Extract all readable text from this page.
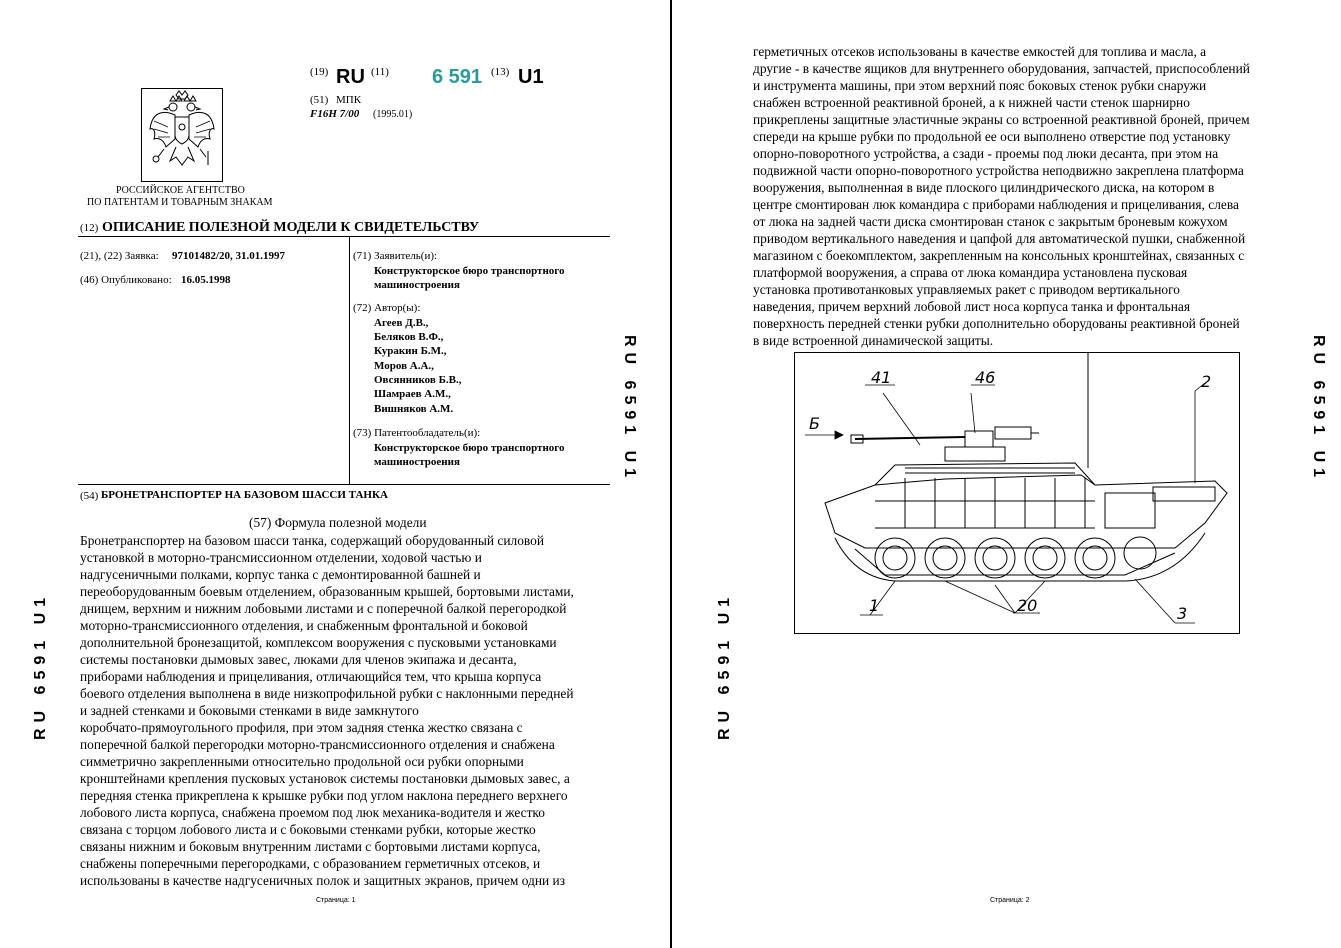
(19) RU (11) 6 591 (13) U1
(51) МПК
F16H 7/00 (1995.01)
РОССИЙСКОЕ АГЕНТСТВО
ПО ПАТЕНТАМ И ТОВАРНЫМ ЗНАКАМ
(12) ОПИСАНИЕ ПОЛЕЗНОЙ МОДЕЛИ К СВИДЕТЕЛЬСТВУ
(21), (22) Заявка: 97101482/20, 31.01.1997
(46) Опубликовано: 16.05.1998
(71) Заявитель(и):
Конструкторское бюро транспортного
машиностроения
(72) Автор(ы):
Агеев Д.В.,
Беляков В.Ф.,
Куракин Б.М.,
Моров А.А.,
Овсянников Б.В.,
Шамраев А.М.,
Вишняков А.М.
(73) Патентообладатель(и):
Конструкторское бюро транспортного
машиностроения
(54) БРОНЕТРАНСПОРТЕР НА БАЗОВОМ ШАССИ ТАНКА
(57) Формула полезной модели
Бронетранспортер на базовом шасси танка, содержащий оборудованный силовой
установкой в моторно-трансмиссионном отделении, ходовой частью и
надгусеничными полками, корпус танка с демонтированной башней и
переоборудованным боевым отделением, образованным крышей, бортовыми листами,
днищем, верхним и нижним лобовыми листами и с поперечной балкой перегородкой
моторно-трансмиссионного отделения, и снабженным фронтальной и боковой
дополнительной бронезащитой, комплексом вооружения с пусковыми установками
системы постановки дымовых завес, люками для членов экипажа и десанта,
приборами наблюдения и прицеливания, отличающийся тем, что крыша корпуса
боевого отделения выполнена в виде низкопрофильной рубки с наклонными передней
и задней стенками и боковыми стенками в виде замкнутого
коробчато-прямоугольного профиля, при этом задняя стенка жестко связана с
поперечной балкой перегородки моторно-трансмиссионного отделения и снабжена
симметрично закрепленными относительно продольной оси рубки опорными
кронштейнами крепления пусковых установок системы постановки дымовых завес, а
передняя стенка прикреплена к крышке рубки под углом наклона переднего верхнего
лобового листа корпуса, снабжена проемом под люк механика-водителя и жестко
связана с торцом лобового листа и с боковыми стенками рубки, которые жестко
связаны нижним и боковым внутренним листами с бортовыми листами корпуса,
снабжены поперечными перегородками, с образованием герметичных отсеков, и
использованы в качестве надгусеничных полок и защитных экранов, причем одни из
RU 6591 U1
RU 6591 U1
Страница: 1
герметичных отсеков использованы в качестве емкостей для топлива и масла, а
другие - в качестве ящиков для внутреннего оборудования, запчастей, приспособлений
и инструмента машины, при этом верхний пояс боковых стенок рубки снаружи
снабжен встроенной реактивной броней, а к нижней части стенок шарнирно
прикреплены защитные эластичные экраны со встроенной реактивной броней, причем
спереди на крыше рубки по продольной ее оси выполнено отверстие под установку
опорно-поворотного устройства, а сзади - проемы под люки десанта, при этом на
подвижной части опорно-поворотного устройства неподвижно закреплена платформа
вооружения, выполненная в виде плоского цилиндрического диска, на котором в
центре смонтирован люк командира с приборами наблюдения и прицеливания, слева
от люка на задней части диска смонтирован станок с закрытым броневым кожухом
приводом вертикального наведения и цапфой для автоматической пушки, снабженной
магазином с боекомплектом, закрепленным на консольных кронштейнах, связанных с
платформой вооружения, а справа от люка командира установлена пусковая
установка противотанковых управляемых ракет с приводом вертикального
наведения, причем верхний лобовой лист носа корпуса танка и фронтальная
поверхность передней стенки рубки дополнительно оборудованы реактивной броней
в виде встроенной динамической защиты.
RU 6591 U1
RU 6591 U1
Страница: 2
Б
41	46	2
1	20	3
